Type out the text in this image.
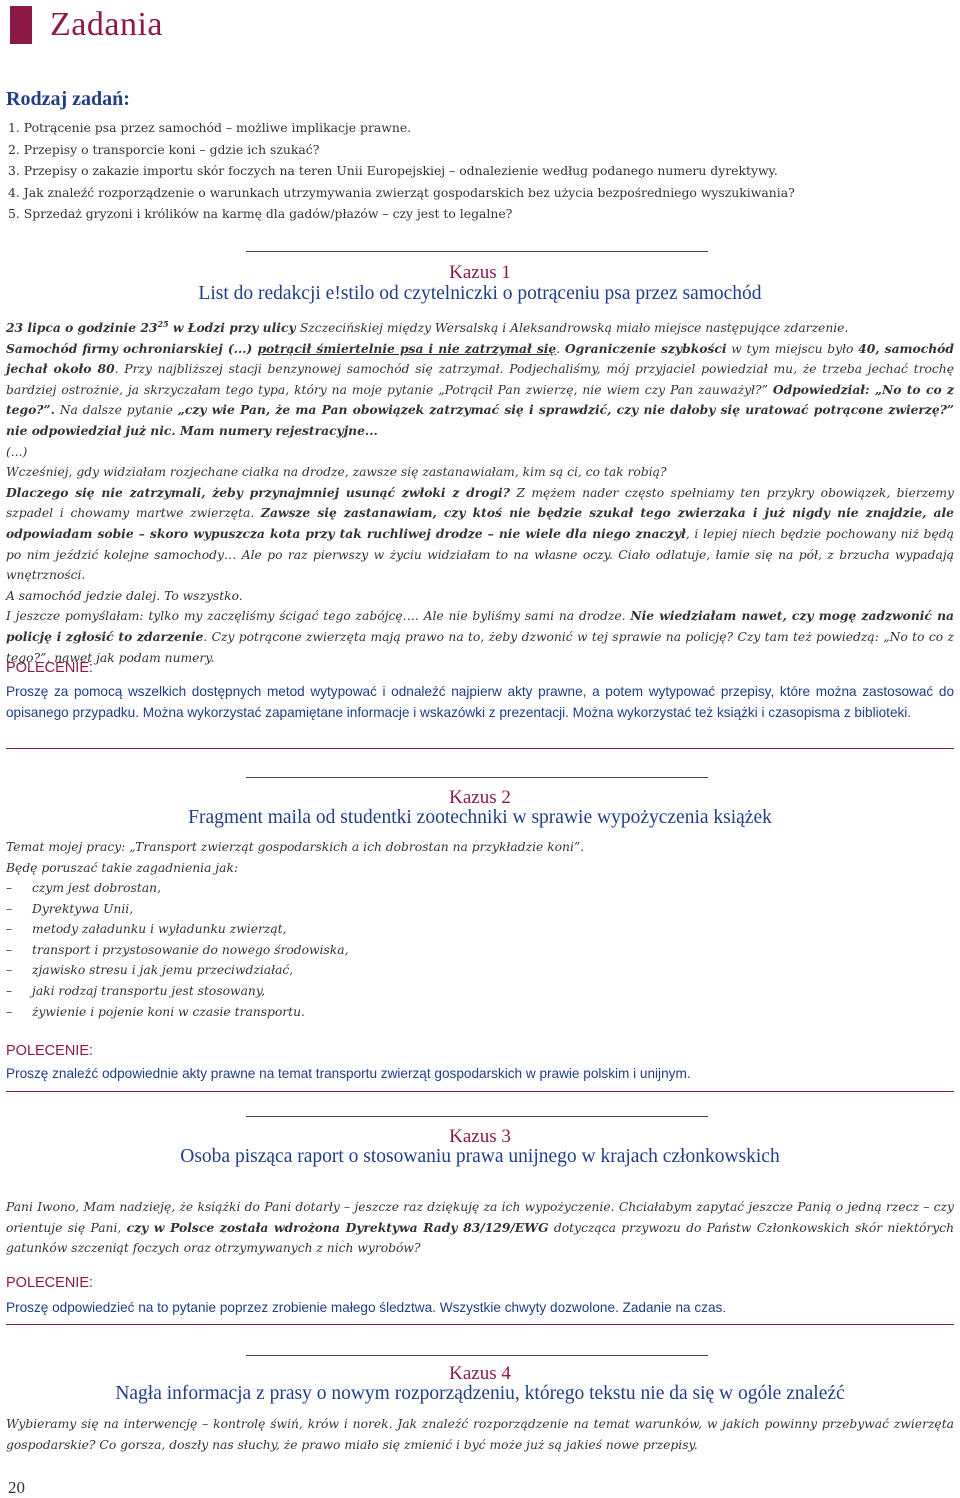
Zadania
Rodzaj zadań:
1. Potrącenie psa przez samochód – możliwe implikacje prawne.
2. Przepisy o transporcie koni – gdzie ich szukać?
3. Przepisy o zakazie importu skór foczych na teren Unii Europejskiej – odnalezienie według podanego numeru dyrektywy.
4. Jak znaleźć rozporządzenie o warunkach utrzymywania zwierząt gospodarskich bez użycia bezpośredniego wyszukiwania?
5. Sprzedaż gryzoni i królików na karmę dla gadów/płazów – czy jest to legalne?
Kazus 1
List do redakcji e!stilo od czytelniczki o potrąceniu psa przez samochód

23 lipca o godzinie $23^{25}$ w Łodzi przy ulicy Szczecińskiej między Wersalską i Aleksandrowską miało miejsce następujące zdarzenie.

Samochód firmy ochroniarskiej (...) potrącił śmiertelnie psa i nie zatrzymał się. Ograniczenie szybkości w tym miejscu było 40, samochód jechał około 80. Przy najbliższej stacji benzynowej samochód się zatrzymał. Podjechaliśmy, mój przyjaciel powiedział mu, że trzeba jechać trochę bardziej ostrożnie, ja skrzyczałam tego typa, który na moje pytanie „Potrącił Pan zwierzę, nie wiem czy Pan zauważył?” Odpowiedział: „No to co z tego?”. Na dalsze pytanie „czy wie Pan, że ma Pan obowiązek zatrzymać się i sprawdzić, czy nie dałoby się uratować potrącone zwierzę?” nie odpowiedział już nic. Mam numery rejestracyjne...

(...)

Wcześniej, gdy widziałam rozjechane ciałka na drodze, zawsze się zastanawiałam, kim są ci, co tak robią?

Dlaczego się nie zatrzymali, żeby przynajmniej usunąć zwłoki z drogi? Z mężem nader często spełniamy ten przykry obowiązek, bierzemy szpadel i chowamy martwe zwierzęta. Zawsze się zastanawiam, czy ktoś nie będzie szukał tego zwierzaka i już nigdy nie znajdzie, ale odpowiadam sobie – skoro wypuszcza kota przy tak ruchliwej drodze – nie wiele dla niego znaczył, i lepiej niech będzie pochowany niż będą po nim jeździć kolejne samochody… Ale po raz pierwszy w życiu widziałam to na własne oczy. Ciało odlatuje, łamie się na pół, z brzucha wypadają wnętrzności.

A samochód jedzie dalej. To wszystko.

I jeszcze pomyślałam: tylko my zaczęliśmy ścigać tego zabójcę…. Ale nie byliśmy sami na drodze. Nie wiedziałam nawet, czy mogę zadzwonić na policję i zgłosić to zdarzenie. Czy potrącone zwierzęta mają prawo na to, żeby dzwonić w tej sprawie na policję? Czy tam też powiedzą: „No to co z tego?”, nawet jak podam numery.

POLECENIE:
Proszę za pomocą wszelkich dostępnych metod wytypować i odnaleźć najpierw akty prawne, a potem wytypować przepisy, które można zastosować do opisanego przypadku. Można wykorzystać zapamiętane informacje i wskazówki z prezentacji. Można wykorzystać też książki i czasopisma z biblioteki.
Kazus 2
Fragment maila od studentki zootechniki w sprawie wypożyczenia książek

Temat mojej pracy: „Transport zwierząt gospodarskich a ich dobrostan na przykładzie koni”.

Będę poruszać takie zagadnienia jak:

– czym jest dobrostan,
– Dyrektywa Unii,
– metody załadunku i wyładunku zwierząt,
– transport i przystosowanie do nowego środowiska,
– zjawisko stresu i jak jemu przeciwdziałać,
– jaki rodzaj transportu jest stosowany,
– żywienie i pojenie koni w czasie transportu.
POLECENIE:
Proszę znaleźć odpowiednie akty prawne na temat transportu zwierząt gospodarskich w prawie polskim i unijnym.
Kazus 3
Osoba pisząca raport o stosowaniu prawa unijnego w krajach członkowskich

Pani Iwono, Mam nadzieję, że książki do Pani dotarły – jeszcze raz dziękuję za ich wypożyczenie. Chciałabym zapytać jeszcze Panią o jedną rzecz – czy orientuje się Pani, czy w Polsce została wdrożona Dyrektywa Rady 83/129/EWG dotycząca przywozu do Państw Członkowskich skór niektórych gatunków szczeniąt foczych oraz otrzymywanych z nich wyrobów?

POLECENIE:
Proszę odpowiedzieć na to pytanie poprzez zrobienie małego śledztwa. Wszystkie chwyty dozwolone. Zadanie na czas.
Kazus 4
Nagła informacja z prasy o nowym rozporządzeniu, którego tekstu nie da się w ogóle znaleźć
Wybieramy się na interwencję – kontrolę świń, krów i norek. Jak znaleźć rozporządzenie na temat warunków, w jakich powinny przebywać zwierzęta gospodarskie? Co gorsza, doszły nas słuchy, że prawo miało się zmienić i być może już są jakieś nowe przepisy.
20
